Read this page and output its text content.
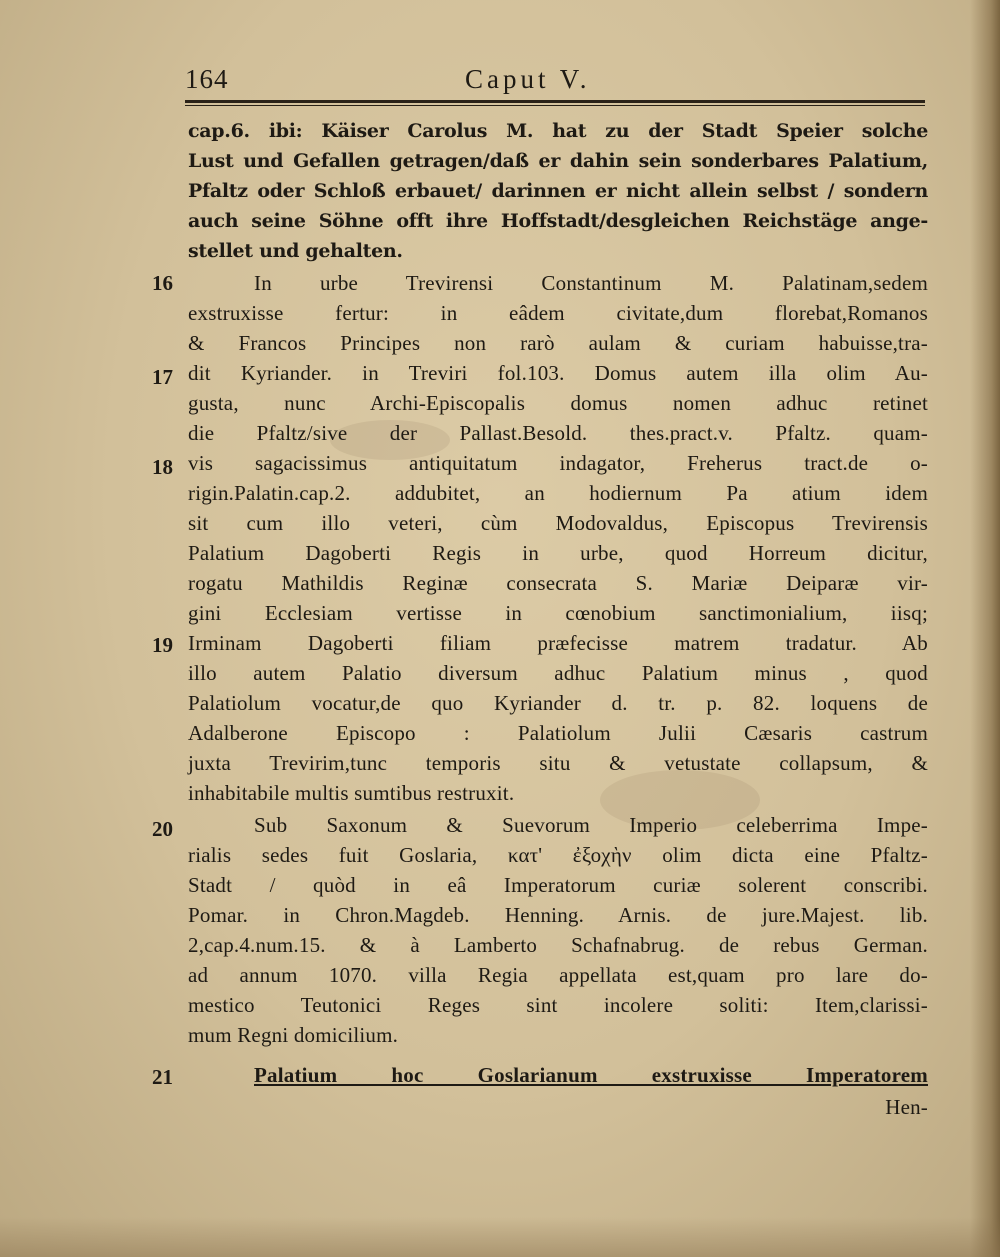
164	Caput V.
cap.6. ibi: Käiser Carolus M. hat zu der Stadt Speier solche
Lust und Gefallen getragen/daß er dahin sein sonderbares Palatium,
Pfaltz oder Schloß erbauet/ darinnen er nicht allein selbst / sondern
auch seine Söhne offt ihre Hoffstadt/desgleichen Reichstäge ange-
stellet und gehalten.
16	In urbe Trevirensi Constantinum M. Palatinam,sedem
exstruxisse fertur: in eâdem civitate,dum florebat,Romanos
& Francos Principes non rarò aulam & curiam habuisse,tra-
17 dit Kyriander. in Treviri fol.103. Domus autem illa olim Au-
gusta, nunc Archi-Episcopalis domus nomen adhuc retinet
die Pfaltz/sive der Pallast.Besold. thes.pract.v. Pfaltz. quam-
18 vis sagacissimus antiquitatum indagator, Freherus tract.de o-
rigin.Palatin.cap.2. addubitet, an hodiernum Pa atium idem
sit cum illo veteri, cùm Modovaldus, Episcopus Trevirensis
Palatium Dagoberti Regis in urbe, quod Horreum dicitur,
rogatu Mathildis Reginæ consecrata S. Mariæ Deiparæ vir-
gini Ecclesiam vertisse in cœnobium sanctimonialium, iisq;
19 Irminam Dagoberti filiam præfecisse matrem tradatur. Ab
illo autem Palatio diversum adhuc Palatium minus , quod
Palatiolum vocatur,de quo Kyriander d. tr. p. 82. loquens de
Adalberone Episcopo : Palatiolum Julii Cæsaris castrum
juxta Trevirim,tunc temporis situ & vetustate collapsum, &
inhabitabile multis sumtibus restruxit.
20	Sub Saxonum & Suevorum Imperio celeberrima Impe-
rialis sedes fuit Goslaria, κατ' ἐξοχὴν olim dicta eine Pfaltz-
Stadt / quòd in eâ Imperatorum curiæ solerent conscribi.
Pomar. in Chron.Magdeb. Henning. Arnis. de jure.Majest. lib.
2,cap.4.num.15. & à Lamberto Schafnabrug. de rebus German.
ad annum 1070. villa Regia appellata est,quam pro lare do-
mestico Teutonici Reges sint incolere soliti: Item,clarissi-
mum Regni domicilium.
21	Palatium hoc Goslarianum exstruxisse Imperatorem
Hen-
